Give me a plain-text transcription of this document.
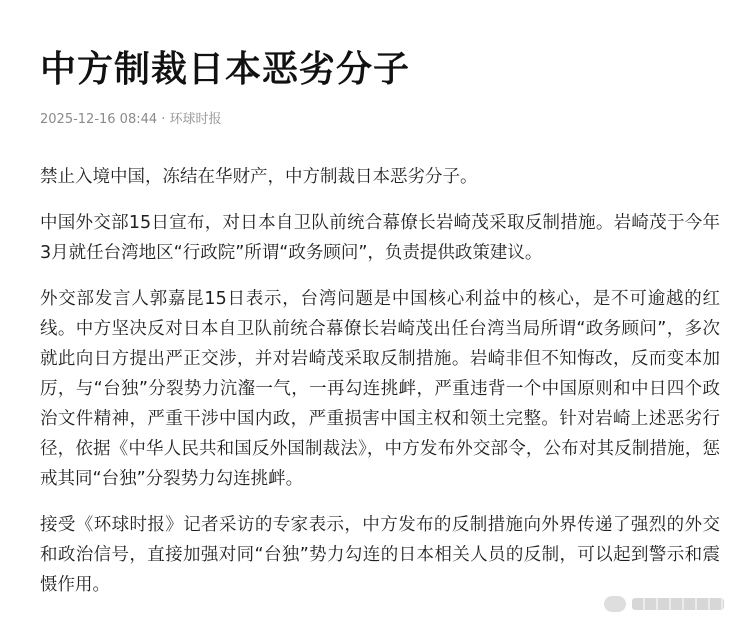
中方制裁日本恶劣分子
2025-12-16 08:44 · 环球时报

禁止入境中国，冻结在华财产，中方制裁日本恶劣分子。

中国外交部15日宣布，对日本自卫队前统合幕僚长岩崎茂采取反制措施。岩崎茂于今年3月就任台湾地区“行政院”所谓“政务顾问”，负责提供政策建议。

外交部发言人郭嘉昆15日表示，台湾问题是中国核心利益中的核心，是不可逾越的红线。中方坚决反对日本自卫队前统合幕僚长岩崎茂出任台湾当局所谓“政务顾问”，多次就此向日方提出严正交涉，并对岩崎茂采取反制措施。岩崎非但不知悔改，反而变本加厉，与“台独”分裂势力沆瀣一气，一再勾连挑衅，严重违背一个中国原则和中日四个政治文件精神，严重干涉中国内政，严重损害中国主权和领土完整。针对岩崎上述恶劣行径，依据《中华人民共和国反外国制裁法》，中方发布外交部令，公布对其反制措施，惩戒其同“台独”分裂势力勾连挑衅。

接受《环球时报》记者采访的专家表示，中方发布的反制措施向外界传递了强烈的外交和政治信号，直接加强对同“台独”势力勾连的日本相关人员的反制，可以起到警示和震慑作用。
